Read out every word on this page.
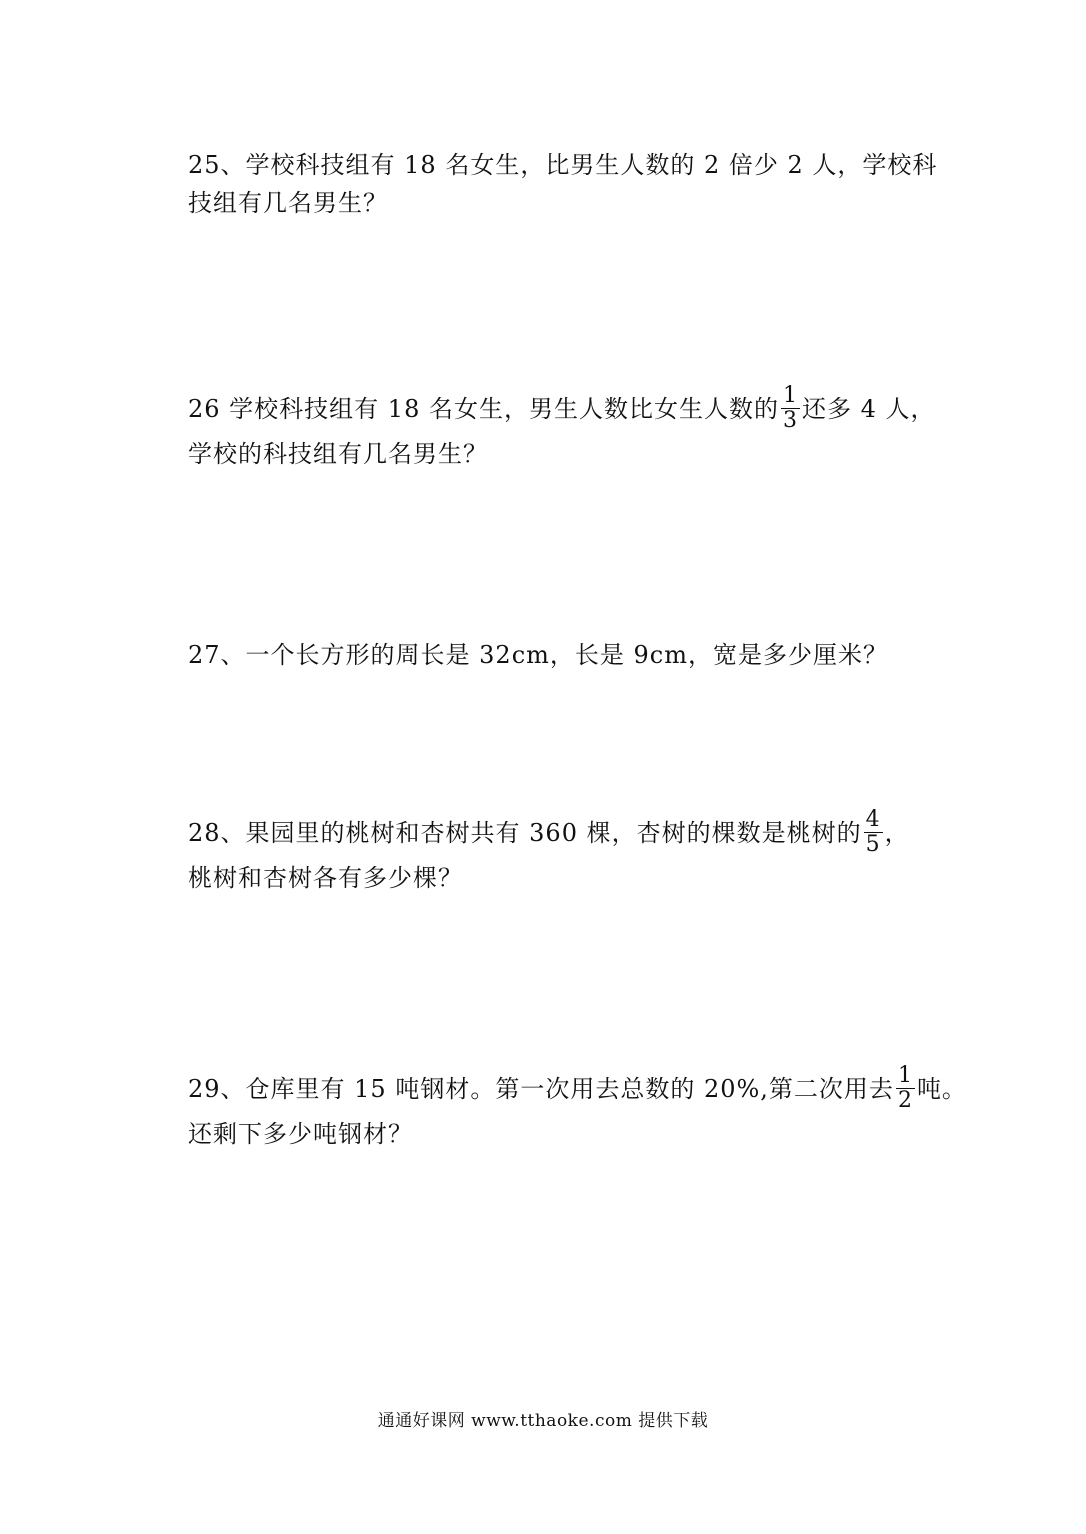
25、学校科技组有 18 名女生，比男生人数的 2 倍少 2 人，学校科
技组有几名男生？

26 学校科技组有 18 名女生，男生人数比女生人数的 $\frac{1}{3}$ 还多 4 人，
学校的科技组有几名男生？

27、一个长方形的周长是 32cm，长是 9cm，宽是多少厘米？

28、果园里的桃树和杏树共有 360 棵，杏树的棵数是桃树的 $\frac{4}{5}$ ，
桃树和杏树各有多少棵？

29、仓库里有 15 吨钢材。第一次用去总数的 20%,第二次用去 $\frac{1}{2}$ 吨。
还剩下多少吨钢材？

通通好课网 www.tthaoke.com 提供下载
